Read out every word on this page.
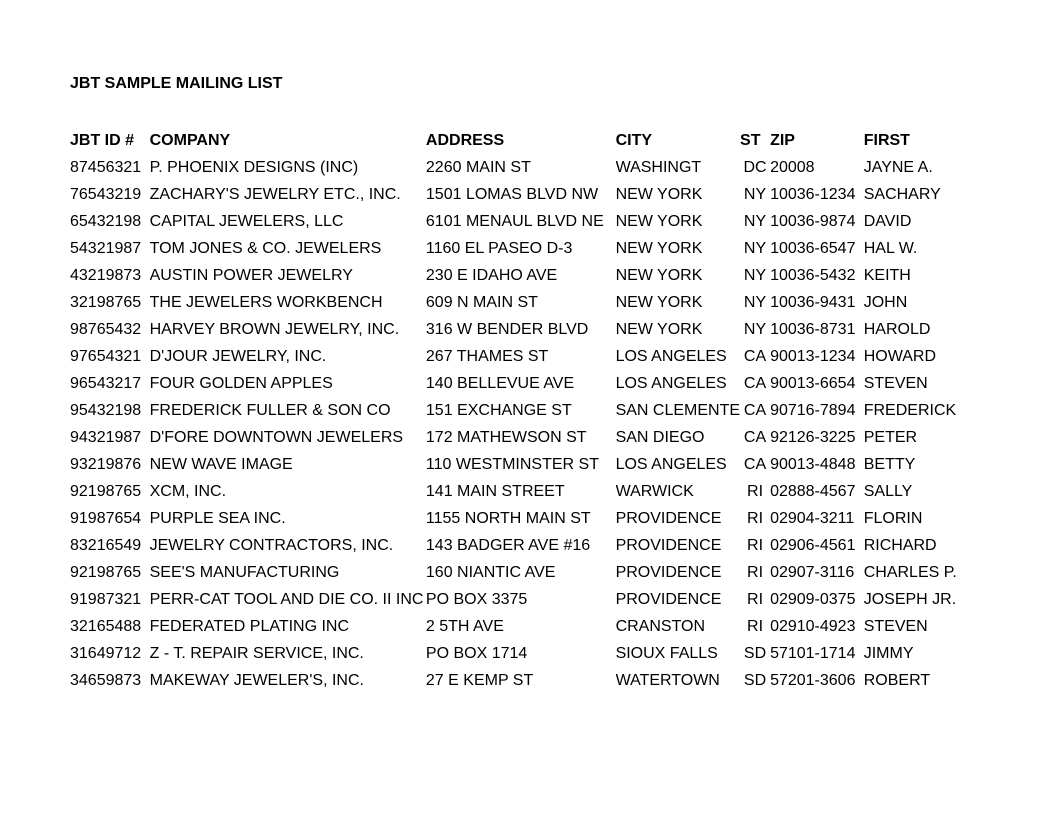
JBT SAMPLE MAILING LIST
JBT ID #	COMPANY	ADDRESS	CITY	ST	ZIP	FIRST
87456321	P. PHOENIX DESIGNS (INC)	2260 MAIN ST	WASHINGT	DC	20008	JAYNE A.
76543219	ZACHARY'S JEWELRY ETC., INC.	1501 LOMAS BLVD NW	NEW YORK	NY	10036-1234	SACHARY
65432198	CAPITAL JEWELERS, LLC	6101 MENAUL BLVD NE	NEW YORK	NY	10036-9874	DAVID
54321987	TOM JONES & CO. JEWELERS	1160 EL PASEO D-3	NEW YORK	NY	10036-6547	HAL W.
43219873	AUSTIN POWER JEWELRY	230 E IDAHO AVE	NEW YORK	NY	10036-5432	KEITH
32198765	THE JEWELERS WORKBENCH	609 N MAIN ST	NEW YORK	NY	10036-9431	JOHN
98765432	HARVEY BROWN JEWELRY, INC.	316 W BENDER BLVD	NEW YORK	NY	10036-8731	HAROLD
97654321	D'JOUR JEWELRY, INC.	267 THAMES ST	LOS ANGELES	CA	90013-1234	HOWARD
96543217	FOUR GOLDEN APPLES	140 BELLEVUE AVE	LOS ANGELES	CA	90013-6654	STEVEN
95432198	FREDERICK FULLER & SON CO	151 EXCHANGE ST	SAN CLEMENTE	CA	90716-7894	FREDERICK
94321987	D'FORE DOWNTOWN JEWELERS	172 MATHEWSON ST	SAN DIEGO	CA	92126-3225	PETER
93219876	NEW WAVE IMAGE	110 WESTMINSTER ST	LOS ANGELES	CA	90013-4848	BETTY
92198765	XCM, INC.	141 MAIN STREET	WARWICK	RI	02888-4567	SALLY
91987654	PURPLE SEA INC.	1155 NORTH MAIN ST	PROVIDENCE	RI	02904-3211	FLORIN
83216549	JEWELRY CONTRACTORS, INC.	143 BADGER AVE #16	PROVIDENCE	RI	02906-4561	RICHARD
92198765	SEE'S MANUFACTURING	160 NIANTIC AVE	PROVIDENCE	RI	02907-3116	CHARLES P.
91987321	PERR-CAT TOOL AND DIE CO. II INC	PO BOX 3375	PROVIDENCE	RI	02909-0375	JOSEPH JR.
32165488	FEDERATED PLATING INC	2 5TH AVE	CRANSTON	RI	02910-4923	STEVEN
31649712	Z - T. REPAIR SERVICE, INC.	PO BOX 1714	SIOUX FALLS	SD	57101-1714	JIMMY
34659873	MAKEWAY JEWELER'S, INC.	27 E KEMP ST	WATERTOWN	SD	57201-3606	ROBERT
